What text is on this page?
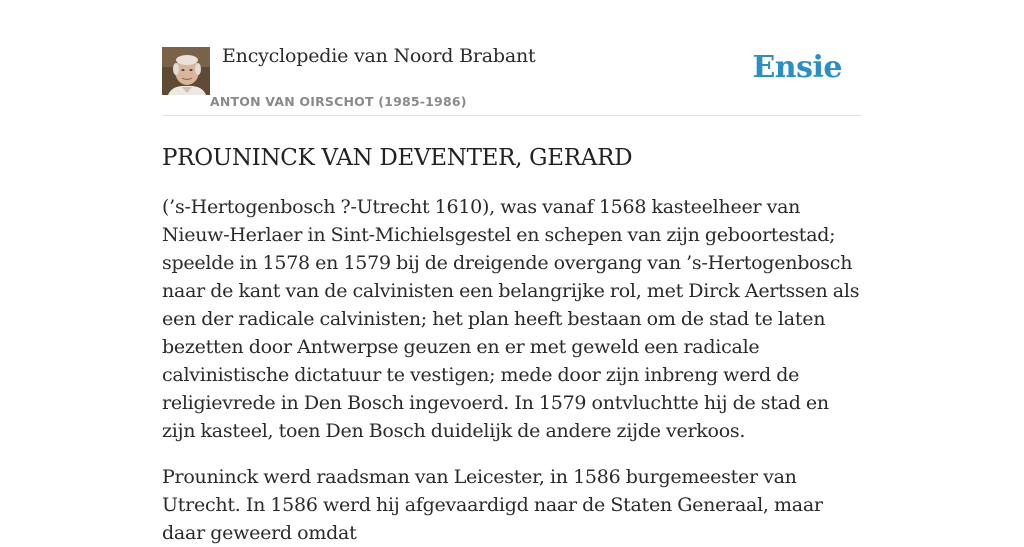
Encyclopedie van Noord Brabant
ANTON VAN OIRSCHOT (1985-1986)
Ensie
PROUNINCK VAN DEVENTER, GERARD

(’s-Hertogenbosch ?-Utrecht 1610), was vanaf 1568 kasteelheer van Nieuw-Herlaer in Sint-Michielsgestel en schepen van zijn geboortestad; speelde in 1578 en 1579 bij de dreigende overgang van ’s-Hertogenbosch naar de kant van de calvinisten een belangrijke rol, met Dirck Aertssen als een der radicale calvinisten; het plan heeft bestaan om de stad te laten bezetten door Antwerpse geuzen en er met geweld een radicale calvinistische dictatuur te vestigen; mede door zijn inbreng werd de religievrede in Den Bosch ingevoerd. In 1579 ontvluchtte hij de stad en zijn kasteel, toen Den Bosch duidelijk de andere zijde verkoos.

Prouninck werd raadsman van Leicester, in 1586 burgemeester van Utrecht. In 1586 werd hij afgevaardigd naar de Staten Generaal, maar daar geweerd omdat
